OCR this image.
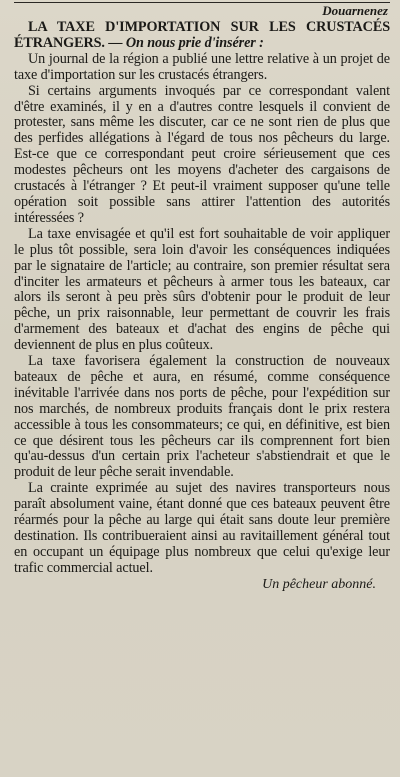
Douarnenez

LA TAXE D'IMPORTATION SUR LES CRUSTACÉS ÉTRANGERS. — On nous prie d'insérer :

Un journal de la région a publié une lettre relative à un projet de taxe d'importation sur les crustacés étrangers.

Si certains arguments invoqués par ce correspondant valent d'être examinés, il y en a d'autres contre lesquels il convient de protester, sans même les discuter, car ce ne sont rien de plus que des perfides allégations à l'égard de tous nos pêcheurs du large. Est-ce que ce correspondant peut croire sérieusement que ces modestes pêcheurs ont les moyens d'acheter des cargaisons de crustacés à l'étranger ? Et peut-il vraiment supposer qu'une telle opération soit possible sans attirer l'attention des autorités intéressées ?

La taxe envisagée et qu'il est fort souhaitable de voir appliquer le plus tôt possible, sera loin d'avoir les conséquences indiquées par le signataire de l'article; au contraire, son premier résultat sera d'inciter les armateurs et pêcheurs à armer tous les bateaux, car alors ils seront à peu près sûrs d'obtenir pour le produit de leur pêche, un prix raisonnable, leur permettant de couvrir les frais d'armement des bateaux et d'achat des engins de pêche qui deviennent de plus en plus coûteux.

La taxe favorisera également la construction de nouveaux bateaux de pêche et aura, en résumé, comme conséquence inévitable l'arrivée dans nos ports de pêche, pour l'expédition sur nos marchés, de nombreux produits français dont le prix restera accessible à tous les consommateurs; ce qui, en définitive, est bien ce que désirent tous les pêcheurs car ils comprennent fort bien qu'au-dessus d'un certain prix l'acheteur s'abstiendrait et que le produit de leur pêche serait invendable.

La crainte exprimée au sujet des navires transporteurs nous paraît absolument vaine, étant donné que ces bateaux peuvent être réarmés pour la pêche au large qui était sans doute leur première destination. Ils contribueraient ainsi au ravitaillement général tout en occupant un équipage plus nombreux que celui qu'exige leur trafic commercial actuel.

Un pêcheur abonné.
